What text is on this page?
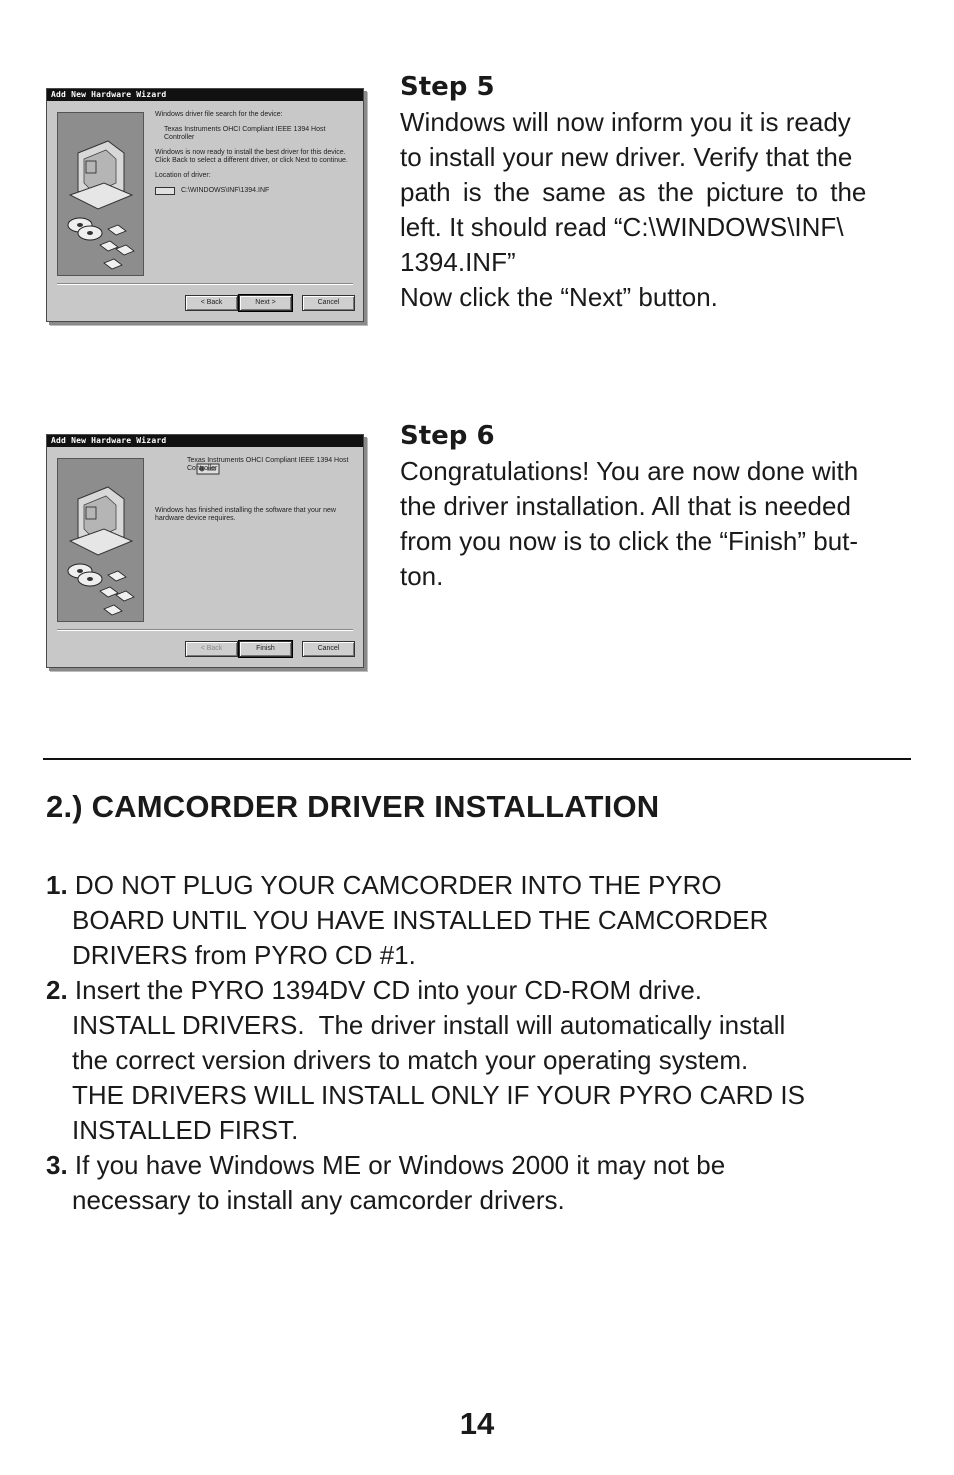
Add New Hardware Wizard

Windows driver file search for the device:

Texas Instruments OHCI Compliant IEEE 1394 Host Controller

Windows is now ready to install the best driver for this device. Click Back to select a different driver, or click Next to continue.

Location of driver:

C:\WINDOWS\INF\1394.INF
< Back	Next >	Cancel
Step 5
Windows will now inform you it is ready
to install your new driver. Verify that the
path is the same as the picture to the
left. It should read “C:\WINDOWS\INF\
1394.INF”
Now click the “Next” button.
Add New Hardware Wizard

Texas Instruments OHCI Compliant IEEE 1394 Host Controller

Windows has finished installing the software that your new hardware device requires.

< Back	Finish	Cancel
Step 6
Congratulations! You are now done with
the driver installation. All that is needed
from you now is to click the “Finish” but-
ton.
2.) CAMCORDER DRIVER INSTALLATION
1. DO NOT PLUG YOUR CAMCORDER INTO THE PYRO
BOARD UNTIL YOU HAVE INSTALLED THE CAMCORDER
DRIVERS from PYRO CD #1.
2. Insert the PYRO 1394DV CD into your CD-ROM drive.
INSTALL DRIVERS.  The driver install will automatically install
the correct version drivers to match your operating system.
THE DRIVERS WILL INSTALL ONLY IF YOUR PYRO CARD IS
INSTALLED FIRST.
3. If you have Windows ME or Windows 2000 it may not be
necessary to install any camcorder drivers.
14
